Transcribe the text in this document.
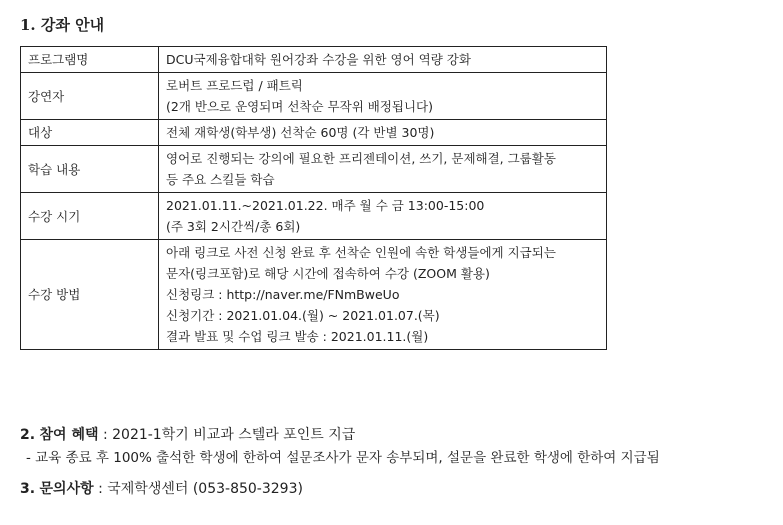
1. 강좌 안내
프로그램명	DCU국제융합대학 원어강좌 수강을 위한 영어 역량 강화

강연자	로버트 프로드럽 / 패트릭
(2개 반으로 운영되며 선착순 무작위 배정됩니다)

대상	전체 재학생(학부생) 선착순 60명 (각 반별 30명)

학습 내용	영어로 진행되는 강의에 필요한 프리젠테이션, 쓰기, 문제해결, 그룹활동
등 주요 스킬들 학습

수강 시기	2021.01.11.~2021.01.22. 매주 월 수 금 13:00-15:00
(주 3회 2시간씩/총 6회)

수강 방법	아래 링크로 사전 신청 완료 후 선착순 인원에 속한 학생들에게 지급되는
문자(링크포함)로 해당 시간에 접속하여 수강 (ZOOM 활용)
신청링크 : http://naver.me/FNmBweUo
신청기간 : 2021.01.04.(월) ~ 2021.01.07.(목)
결과 발표 및 수업 링크 발송 : 2021.01.11.(월)
2. 참여 혜택 : 2021-1학기 비교과 스텔라 포인트 지급
- 교육 종료 후 100% 출석한 학생에 한하여 설문조사가 문자 송부되며, 설문을 완료한 학생에 한하여 지급됨
3. 문의사항 : 국제학생센터 (053-850-3293)
